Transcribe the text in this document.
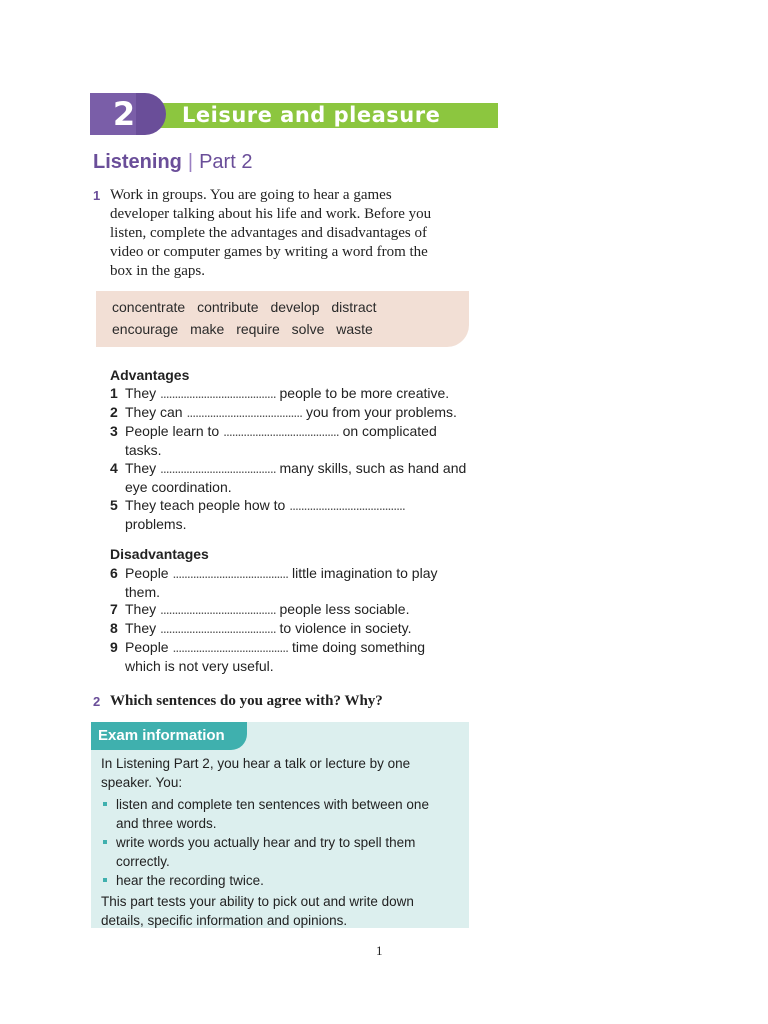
2	Leisure and pleasure
Listening | Part 2
1 Work in groups. You are going to hear a games
developer talking about his life and work. Before you
listen, complete the advantages and disadvantages of
video or computer games by writing a word from the
box in the gaps.
concentrate contribute develop distract
encourage make require solve waste
Advantages
1 They ........................................ people to be more creative.
2 They can ........................................ you from your problems.
3 People learn to ........................................ on complicated
tasks.
4 They ........................................ many skills, such as hand and
eye coordination.
5 They teach people how to ........................................
problems.
Disadvantages
6 People ........................................ little imagination to play
them.
7 They ........................................ people less sociable.
8 They ........................................ to violence in society.
9 People ........................................ time doing something
which is not very useful.
2 Which sentences do you agree with? Why?
Exam information
In Listening Part 2, you hear a talk or lecture by one
speaker. You:
listen and complete ten sentences with between one
and three words.
write words you actually hear and try to spell them
correctly.
hear the recording twice.
This part tests your ability to pick out and write down
details, specific information and opinions.
1
